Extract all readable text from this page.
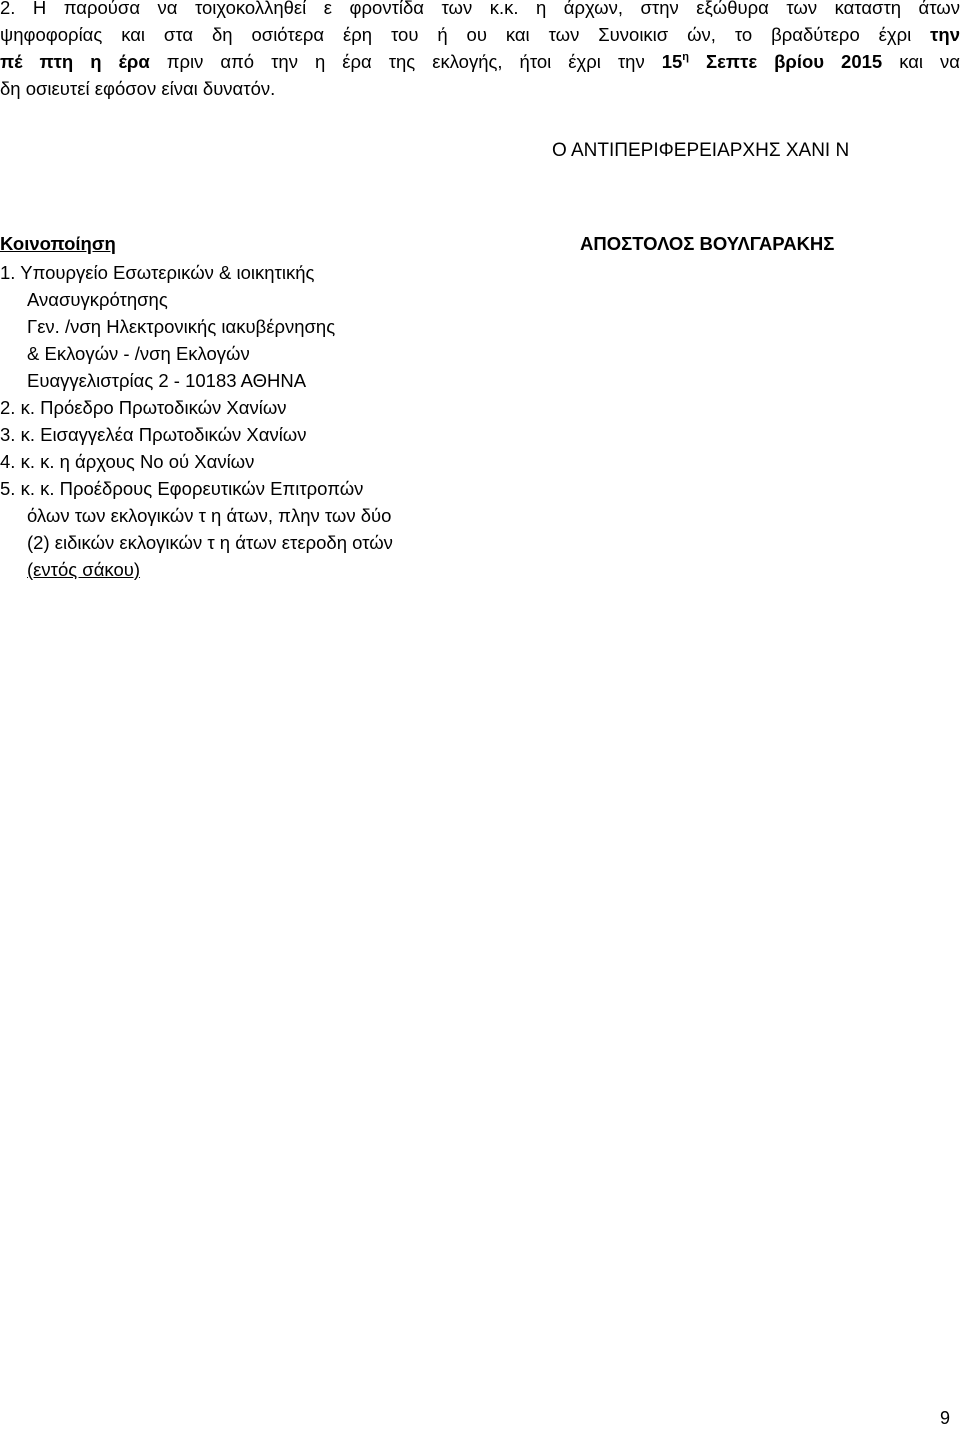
2. Η παρούσα να τοιχοκολληθεί ε φροντίδα των κ.κ. η άρχων, στην εξώθυρα των καταστη άτων
ψηφοφορίας και στα δη οσιότερα έρη του ή ου και των Συνοικισ ών, το βραδύτερο έχρι την
πέ πτη η έρα πριν από την η έρα της εκλογής, ήτοι έχρι την $15^\eta$ Σεπτε βρίου 2015 και να
δη οσιευτεί εφόσον είναι δυνατόν.
Ο ΑΝΤΙΠΕΡΙΦΕΡΕΙΑΡΧΗΣ ΧΑΝΙ Ν
Κοινοποίηση	ΑΠΟΣΤΟΛΟΣ ΒΟΥΛΓΑΡΑΚΗΣ
1. Υπουργείο Εσωτερικών & ιοικητικής
Ανασυγκρότησης
Γεν. /νση Ηλεκτρονικής ιακυβέρνησης
& Εκλογών - /νση Εκλογών
Ευαγγελιστρίας 2 - 10183 ΑΘΗΝΑ
2. κ. Πρόεδρο Πρωτοδικών Χανίων
3. κ. Εισαγγελέα Πρωτοδικών Χανίων
4. κ. κ. η άρχους Νο ού Χανίων
5. κ. κ. Προέδρους Εφορευτικών Επιτροπών
όλων των εκλογικών τ η άτων, πλην των δύο
(2) ειδικών εκλογικών τ η άτων ετεροδη οτών
(εντός σάκου)
9
